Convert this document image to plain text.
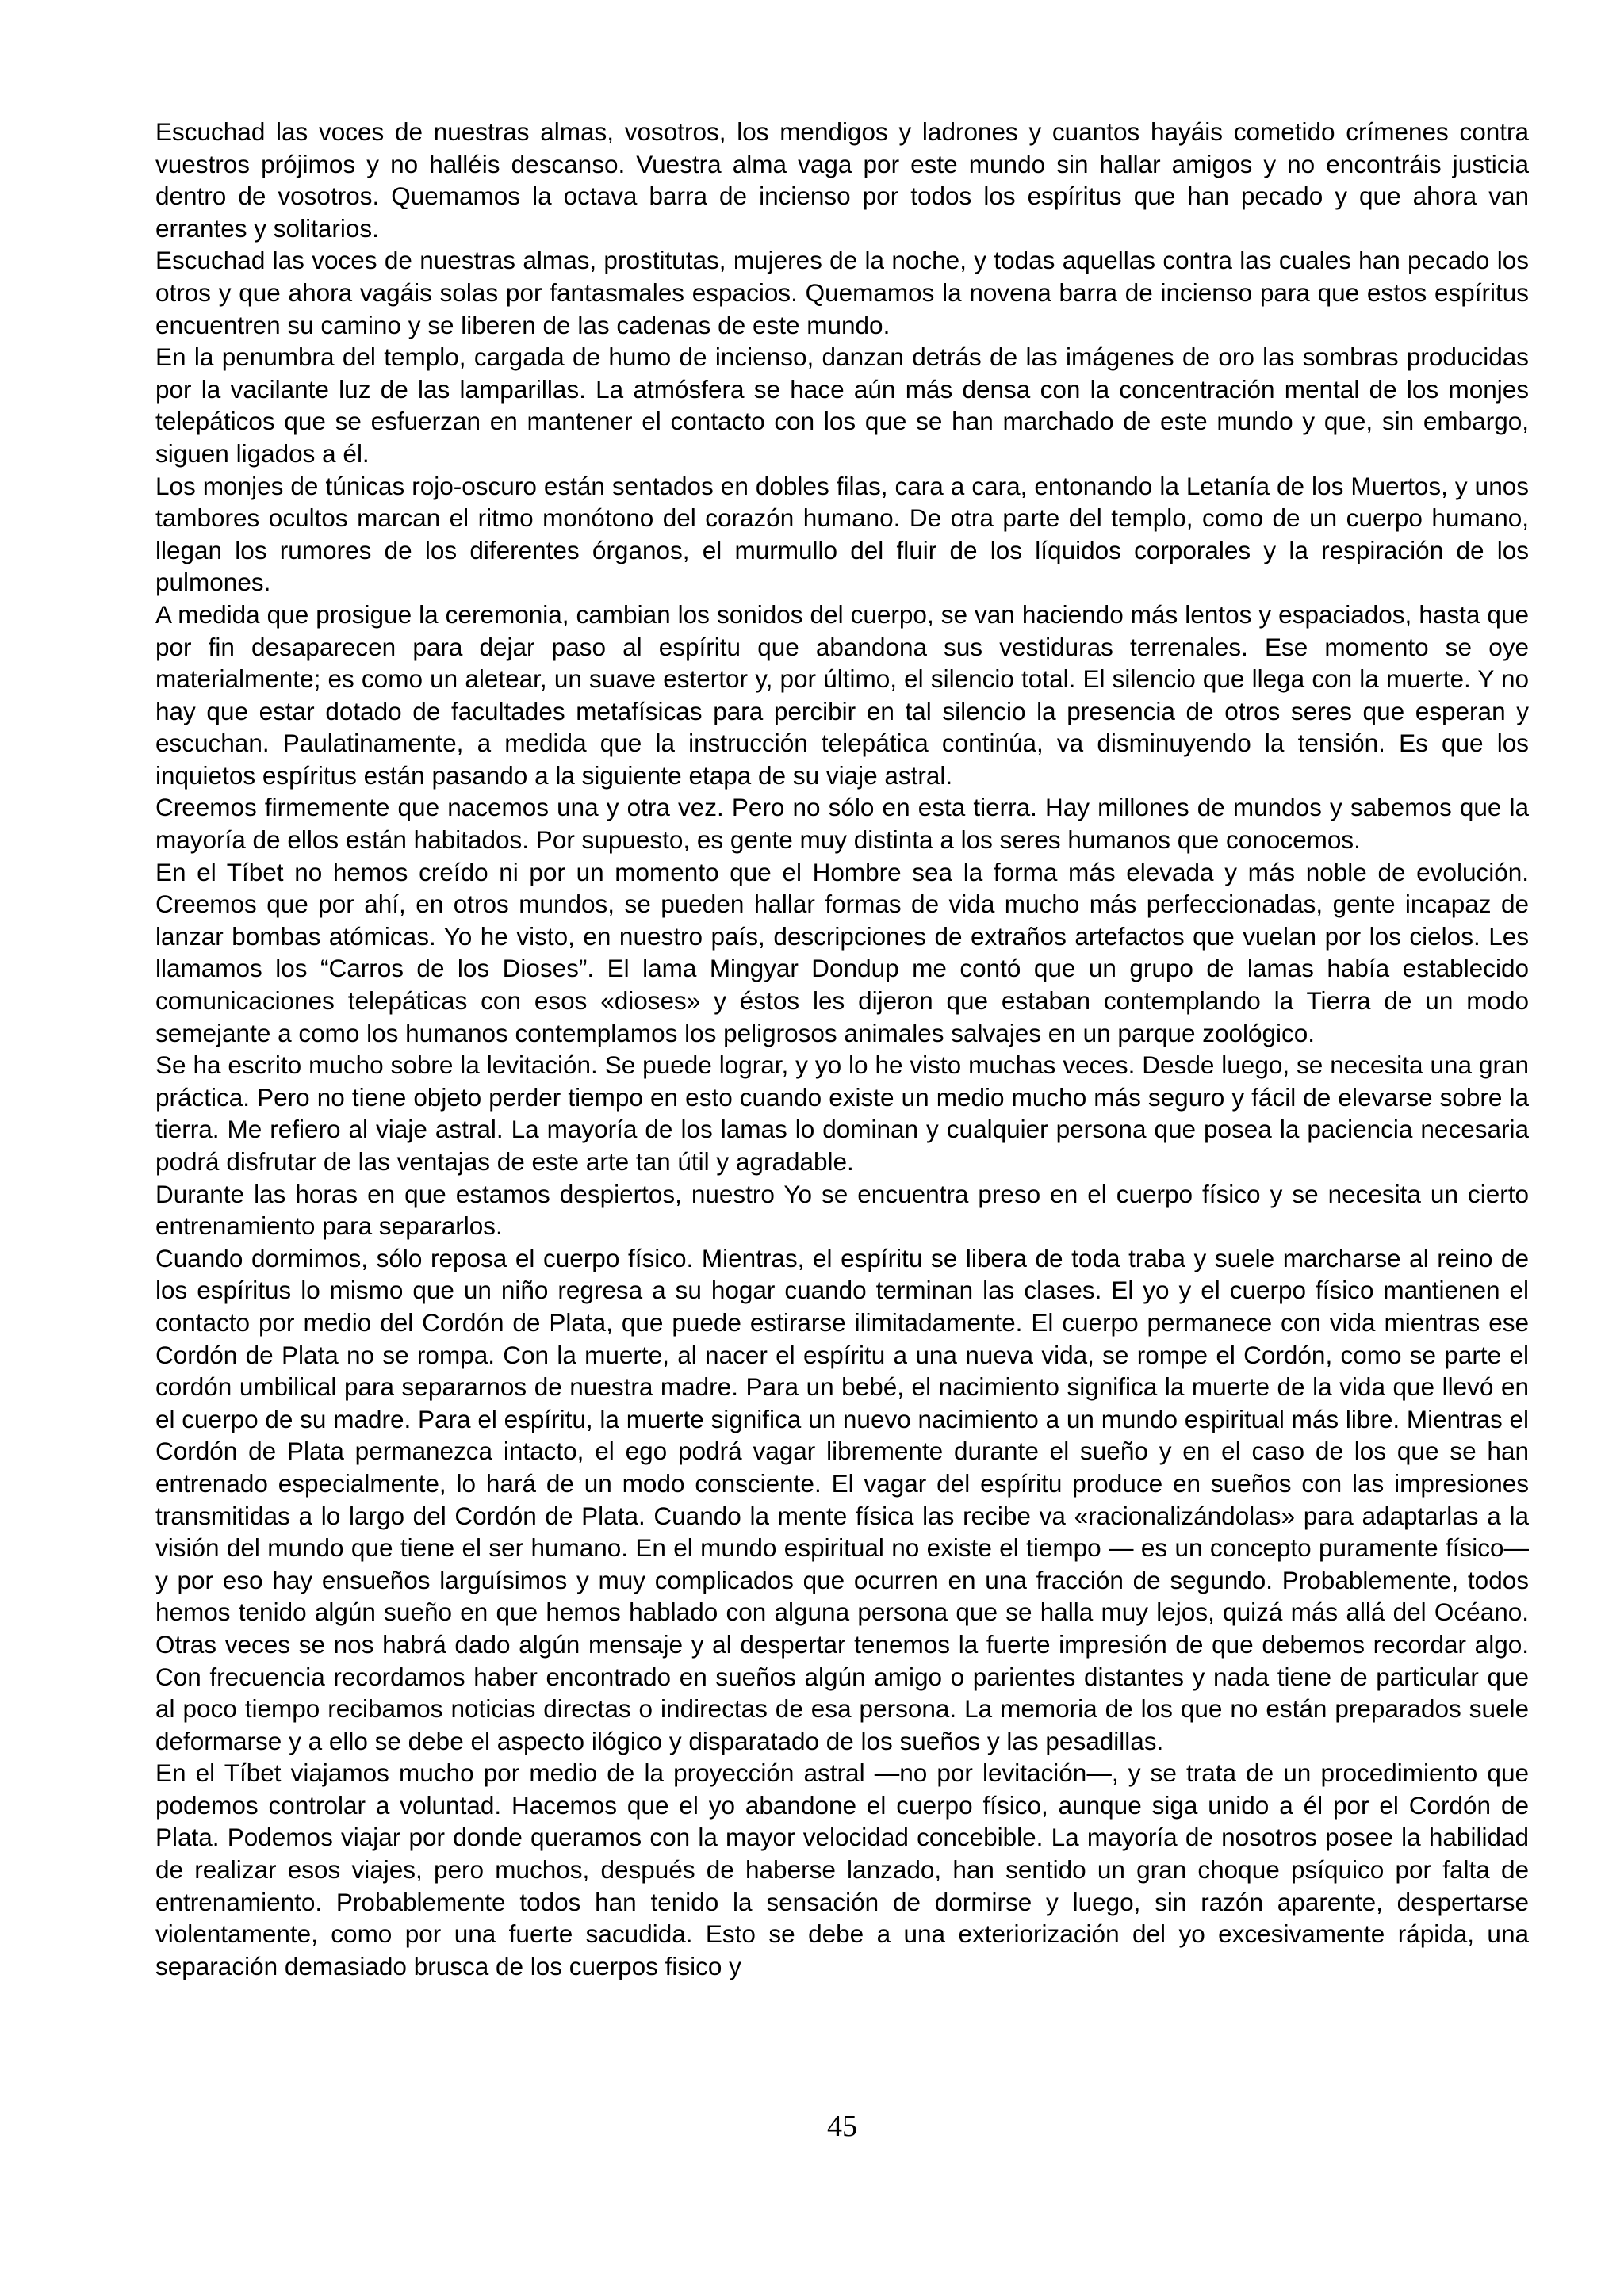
Escuchad las voces de nuestras almas, vosotros, los mendigos y ladrones y cuantos hayáis cometido crímenes contra vuestros prójimos y no halléis descanso. Vuestra alma vaga por este mundo sin hallar amigos y no encontráis justicia dentro de vosotros. Quemamos la octava barra de incienso por todos los espíritus que han pecado y que ahora van errantes y solitarios.

Escuchad las voces de nuestras almas, prostitutas, mujeres de la noche, y todas aquellas contra las cuales han pecado los otros y que ahora vagáis solas por fantasmales espacios. Quemamos la novena barra de incienso para que estos espíritus encuentren su camino y se liberen de las cadenas de este mundo.

En la penumbra del templo, cargada de humo de incienso, danzan detrás de las imágenes de oro las sombras producidas por la vacilante luz de las lamparillas. La atmósfera se hace aún más densa con la concentración mental de los monjes telepáticos que se esfuerzan en mantener el contacto con los que se han marchado de este mundo y que, sin embargo, siguen ligados a él.

Los monjes de túnicas rojo-oscuro están sentados en dobles filas, cara a cara, entonando la Letanía de los Muertos, y unos tambores ocultos marcan el ritmo monótono del corazón humano. De otra parte del templo, como de un cuerpo humano, llegan los rumores de los diferentes órganos, el murmullo del fluir de los líquidos corporales y la respiración de los pulmones.

A medida que prosigue la ceremonia, cambian los sonidos del cuerpo, se van haciendo más lentos y espaciados, hasta que por fin desaparecen para dejar paso al espíritu que abandona sus vestiduras terrenales. Ese momento se oye materialmente; es como un aletear, un suave estertor y, por último, el silencio total. El silencio que llega con la muerte. Y no hay que estar dotado de facultades metafísicas para percibir en tal silencio la presencia de otros seres que esperan y escuchan. Paulatinamente, a medida que la instrucción telepática continúa, va disminuyendo la tensión. Es que los inquietos espíritus están pasando a la siguiente etapa de su viaje astral.

Creemos firmemente que nacemos una y otra vez. Pero no sólo en esta tierra. Hay millones de mundos y sabemos que la mayoría de ellos están habitados. Por supuesto, es gente muy distinta a los seres humanos que conocemos.

En el Tíbet no hemos creído ni por un momento que el Hombre sea la forma más elevada y más noble de evolución. Creemos que por ahí, en otros mundos, se pueden hallar formas de vida mucho más perfeccionadas, gente incapaz de lanzar bombas atómicas. Yo he visto, en nuestro país, descripciones de extraños artefactos que vuelan por los cielos. Les llamamos los “Carros de los Dioses”. El lama Mingyar Dondup me contó que un grupo de lamas había establecido comunicaciones telepáticas con esos «dioses» y éstos les dijeron que estaban contemplando la Tierra de un modo semejante a como los humanos contemplamos los peligrosos animales salvajes en un parque zoológico.

Se ha escrito mucho sobre la levitación. Se puede lograr, y yo lo he visto muchas veces. Desde luego, se necesita una gran práctica. Pero no tiene objeto perder tiempo en esto cuando existe un medio mucho más seguro y fácil de elevarse sobre la tierra. Me refiero al viaje astral. La mayoría de los lamas lo dominan y cualquier persona que posea la paciencia necesaria podrá disfrutar de las ventajas de este arte tan útil y agradable.

Durante las horas en que estamos despiertos, nuestro Yo se encuentra preso en el cuerpo físico y se necesita un cierto entrenamiento para separarlos.

Cuando dormimos, sólo reposa el cuerpo físico. Mientras, el espíritu se libera de toda traba y suele marcharse al reino de los espíritus lo mismo que un niño regresa a su hogar cuando terminan las clases. El yo y el cuerpo físico mantienen el contacto por medio del Cordón de Plata, que puede estirarse ilimitadamente. El cuerpo permanece con vida mientras ese Cordón de Plata no se rompa. Con la muerte, al nacer el espíritu a una nueva vida, se rompe el Cordón, como se parte el cordón umbilical para separarnos de nuestra madre. Para un bebé, el nacimiento significa la muerte de la vida que llevó en el cuerpo de su madre. Para el espíritu, la muerte significa un nuevo nacimiento a un mundo espiritual más libre. Mientras el Cordón de Plata permanezca intacto, el ego podrá vagar libremente durante el sueño y en el caso de los que se han entrenado especialmente, lo hará de un modo consciente. El vagar del espíritu produce en sueños con las impresiones transmitidas a lo largo del Cordón de Plata. Cuando la mente física las recibe va «racionalizándolas» para adaptarlas a la visión del mundo que tiene el ser humano. En el mundo espiritual no existe el tiempo — es un concepto puramente físico— y por eso hay ensueños larguísimos y muy complicados que ocurren en una fracción de segundo. Probablemente, todos hemos tenido algún sueño en que hemos hablado con alguna persona que se halla muy lejos, quizá más allá del Océano. Otras veces se nos habrá dado algún mensaje y al despertar tenemos la fuerte impresión de que debemos recordar algo. Con frecuencia recordamos haber encontrado en sueños algún amigo o parientes distantes y nada tiene de particular que al poco tiempo recibamos noticias directas o indirectas de esa persona. La memoria de los que no están preparados suele deformarse y a ello se debe el aspecto ilógico y disparatado de los sueños y las pesadillas.

En el Tíbet viajamos mucho por medio de la proyección astral —no por levitación—, y se trata de un procedimiento que podemos controlar a voluntad. Hacemos que el yo abandone el cuerpo físico, aunque siga unido a él por el Cordón de Plata. Podemos viajar por donde queramos con la mayor velocidad concebible. La mayoría de nosotros posee la habilidad de realizar esos viajes, pero muchos, después de haberse lanzado, han sentido un gran choque psíquico por falta de entrenamiento. Probablemente todos han tenido la sensación de dormirse y luego, sin razón aparente, despertarse violentamente, como por una fuerte sacudida. Esto se debe a una exteriorización del yo excesivamente rápida, una separación demasiado brusca de los cuerpos fisico y

45
